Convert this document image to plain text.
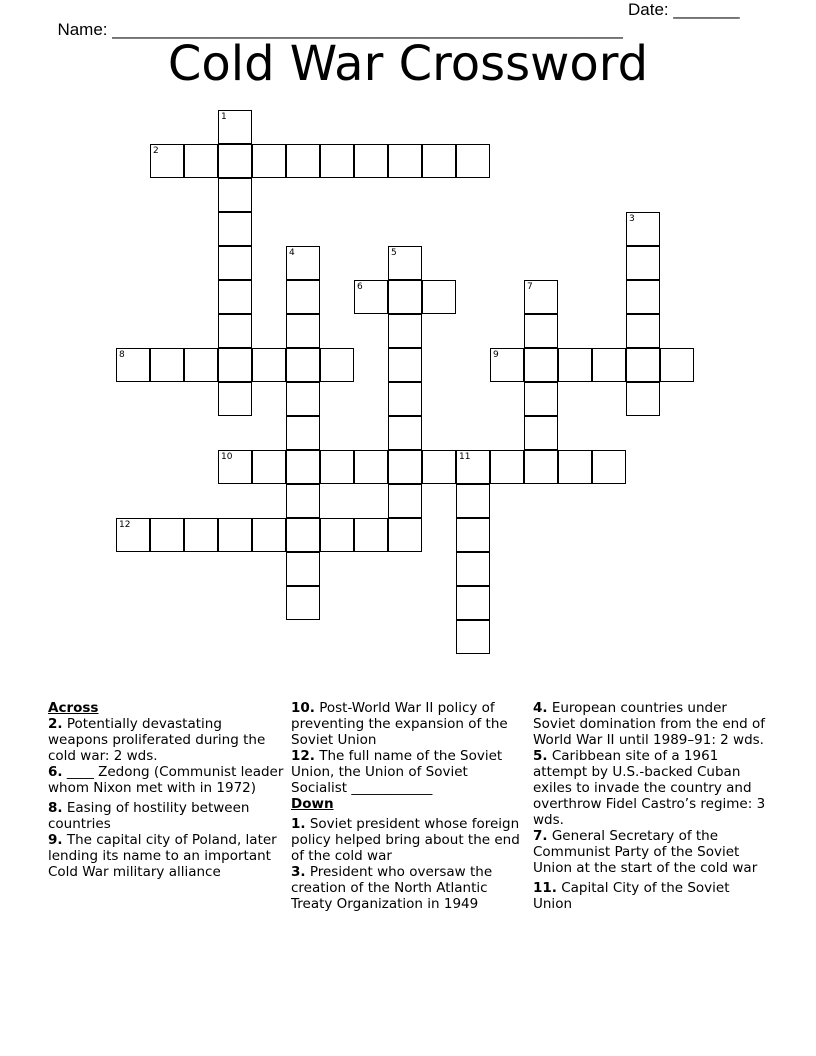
Name: ______________________________________________________

Date: _______

Cold War Crossword
1
2
3
4	5
6	7
8	9
10	11
12
Across

2. Potentially devastating weapons proliferated during the cold war: 2 wds.

6. ____ Zedong (Communist leader whom Nixon met with in 1972)

8. Easing of hostility between countries

9. The capital city of Poland, later lending its name to an important Cold War military alliance

10. Post-World War II policy of preventing the expansion of the Soviet Union

12. The full name of the Soviet Union, the Union of Soviet Socialist ____________

Down

1. Soviet president whose foreign policy helped bring about the end of the cold war

3. President who oversaw the creation of the North Atlantic Treaty Organization in 1949

4. European countries under Soviet domination from the end of World War II until 1989–91: 2 wds.

5. Caribbean site of a 1961 attempt by U.S.-backed Cuban exiles to invade the country and overthrow Fidel Castro’s regime: 3 wds.

7. General Secretary of the Communist Party of the Soviet Union at the start of the cold war

11. Capital City of the Soviet Union
